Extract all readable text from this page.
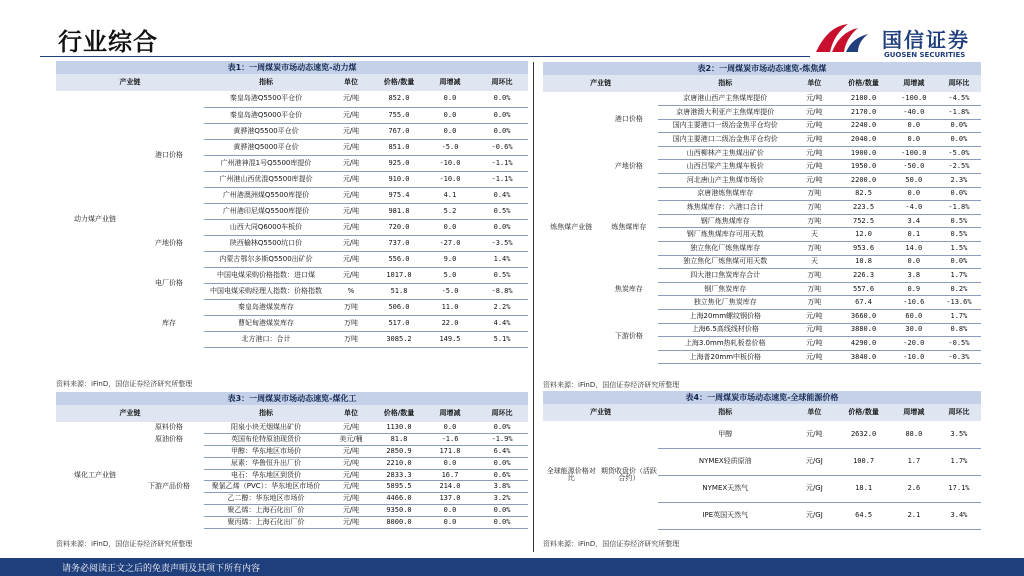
行业综合	国信证券
GUOSEN SECURITIES
表1：一周煤炭市场动态速览-动力煤						
产业链		指标	单位	价格/数量	周增减	周环比
动力煤产业链	港口价格	秦皇岛港Q5500平仓价	元/吨	852.0	0.0	0.0%
		秦皇岛港Q5000平仓价	元/吨	755.0	0.0	0.0%
		黄骅港Q5500平仓价	元/吨	767.0	0.0	0.0%
		黄骅港Q5000平仓价	元/吨	851.0	-5.0	-0.6%
		广州港神混1号Q5500库提价	元/吨	925.0	-10.0	-1.1%
		广州港山西优混Q5500库提价	元/吨	910.0	-10.0	-1.1%
		广州港澳洲煤Q5500库提价	元/吨	975.4	4.1	0.4%
		广州港印尼煤Q5500库提价	元/吨	981.8	5.2	0.5%
	产地价格	山西大同Q6000车板价	元/吨	720.0	0.0	0.0%
		陕西榆林Q5500坑口价	元/吨	737.0	-27.0	-3.5%
		内蒙古鄂尔多斯Q5500出矿价	元/吨	556.0	9.0	1.4%
	电厂价格	中国电煤采购价格指数：进口煤	元/吨	1017.0	5.0	0.5%
		中国电煤采购经理人指数：价格指数	%	51.8	-5.0	-8.8%
	库存	秦皇岛港煤炭库存	万吨	506.0	11.0	2.2%
		曹妃甸港煤炭库存	万吨	517.0	22.0	4.4%
		北方港口：合计	万吨	3085.2	149.5	5.1%
资料来源：iFinD，国信证券经济研究所整理
表2：一周煤炭市场动态速览-炼焦煤						
产业链		指标	单位	价格/数量	周增减	周环比
炼焦煤产业链	港口价格	京唐港山西产主焦煤库提价	元/吨	2100.0	-100.0	-4.5%
		京唐港澳大利亚产主焦煤库提价	元/吨	2170.0	-40.0	-1.8%
		国内主要港口一级冶金焦平仓均价	元/吨	2240.0	0.0	0.0%
		国内主要港口二级冶金焦平仓均价	元/吨	2040.0	0.0	0.0%
	产地价格	山西柳林产主焦煤出矿价	元/吨	1900.0	-100.0	-5.0%
		山西吕梁产主焦煤车板价	元/吨	1950.0	-50.0	-2.5%
		河北唐山产主焦煤市场价	元/吨	2200.0	50.0	2.3%
	炼焦煤库存	京唐港炼焦煤库存	万吨	82.5	0.0	0.0%
		炼焦煤库存：六港口合计	万吨	223.5	-4.0	-1.8%
		钢厂炼焦煤库存	万吨	752.5	3.4	0.5%
		钢厂炼焦煤库存可用天数	天	12.0	0.1	0.5%
		独立焦化厂炼焦煤库存	万吨	953.6	14.0	1.5%
		独立焦化厂炼焦煤可用天数	天	10.8	0.0	0.0%
	焦炭库存	四大港口焦炭库存合计	万吨	226.3	3.8	1.7%
		钢厂焦炭库存	万吨	557.6	0.9	0.2%
		独立焦化厂焦炭库存	万吨	67.4	-10.6	-13.6%
	下游价格	上海20mm螺纹钢价格	元/吨	3660.0	60.0	1.7%
		上海6.5高线线材价格	元/吨	3880.0	30.0	0.8%
		上海3.0mm热轧板卷价格	元/吨	4290.0	-20.0	-0.5%
		上海普20mm中板价格	元/吨	3840.0	-10.0	-0.3%
资料来源：iFinD，国信证券经济研究所整理
表3：一周煤炭市场动态速览-煤化工						
产业链		指标	单位	价格/数量	周增减	周环比
煤化工产业链	原料价格	阳泉小块无烟煤出矿价	元/吨	1130.0	0.0	0.0%
	原油价格	英国布伦特原油现货价	美元/桶	81.8	-1.6	-1.9%
	下游产品价格	甲醇：华东地区市场价	元/吨	2850.9	171.8	6.4%
		尿素：华鲁恒升出厂价	元/吨	2210.0	0.0	0.0%
		电石：华东地区到货价	元/吨	2833.3	16.7	0.6%
		聚氯乙烯（PVC）：华东地区市场价	元/吨	5895.5	214.0	3.8%
		乙二醇：华东地区市场价	元/吨	4466.0	137.0	3.2%
		聚乙烯：上海石化出厂价	元/吨	9350.0	0.0	0.0%
		聚丙烯：上海石化出厂价	元/吨	8000.0	0.0	0.0%
资料来源：iFinD，国信证券经济研究所整理
表4：一周煤炭市场动态速览-全球能源价格						
产业链		指标	单位	价格/数量	周增减	周环比
全球能源价格对比	期货收盘价（活跃合约）	甲醇	元/吨	2632.0	88.0	3.5%
		NYMEX轻质原油	元/GJ	100.7	1.7	1.7%
		NYMEX天然气	元/GJ	18.1	2.6	17.1%
		IPE英国天然气	元/GJ	64.5	2.1	3.4%
资料来源：iFinD，国信证券经济研究所整理
请务必阅读正文之后的免责声明及其项下所有内容
